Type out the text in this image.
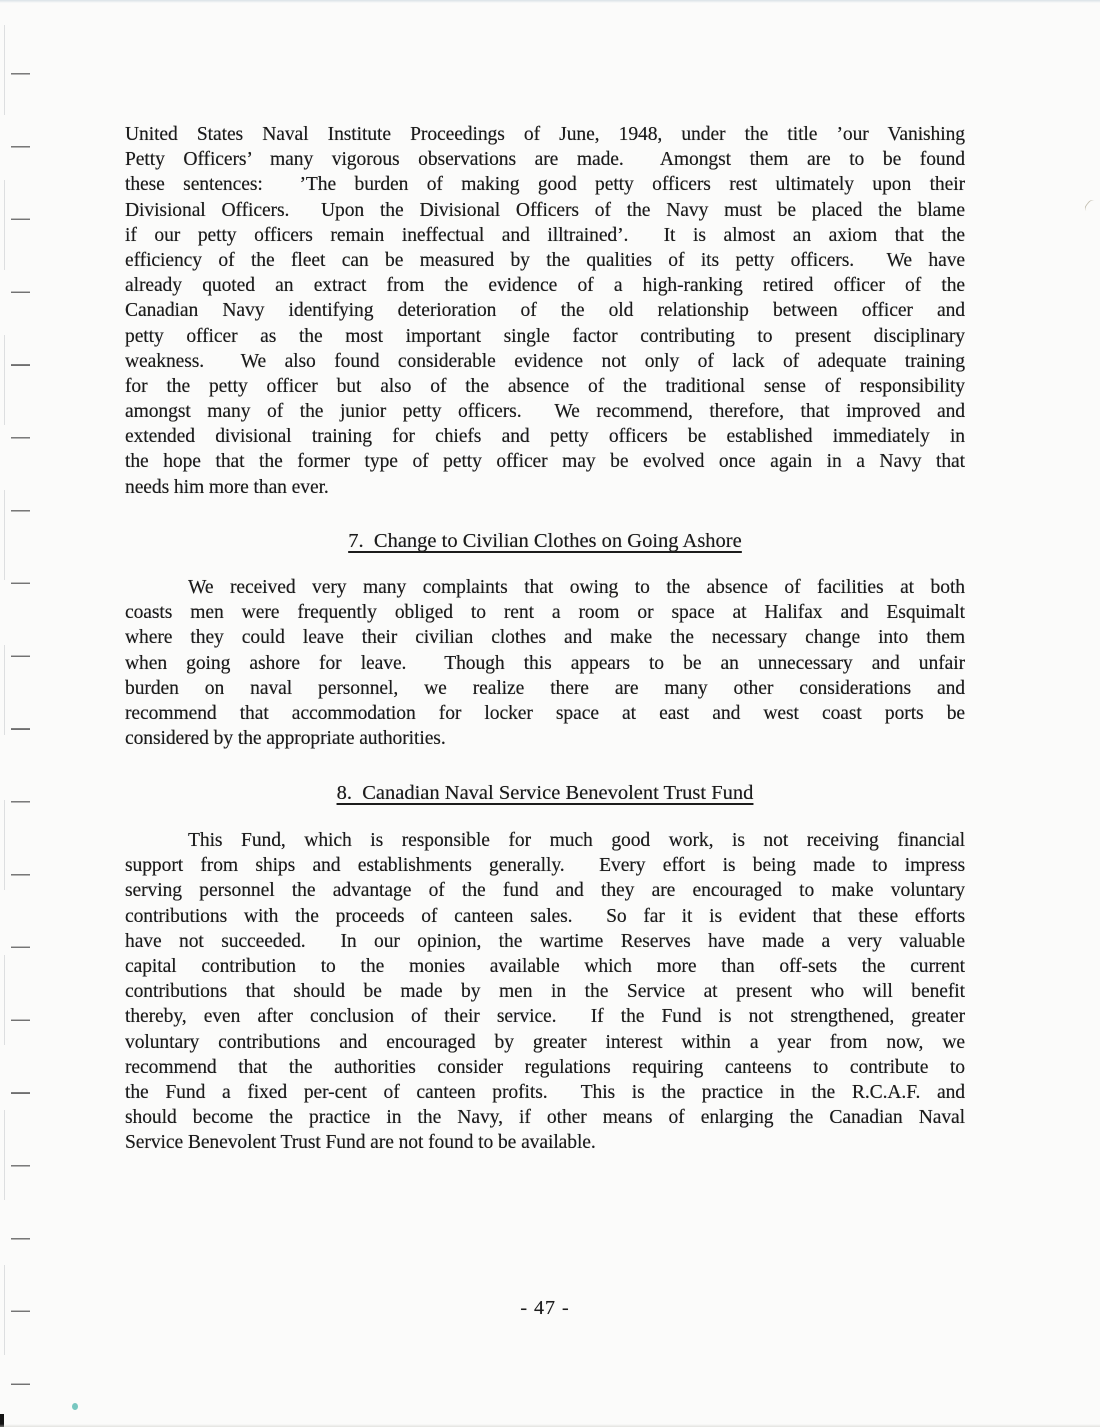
United States Naval Institute Proceedings of June, 1948, under the title ’our Vanishing
Petty Officers’ many vigorous observations are made.  Amongst them are to be found
these sentences:  ’The burden of making good petty officers rest ultimately upon their
Divisional Officers.  Upon the Divisional Officers of the Navy must be placed the blame
if our petty officers remain ineffectual and illtrained’.  It is almost an axiom that the
efficiency of the fleet can be measured by the qualities of its petty officers.  We have
already quoted an extract from the evidence of a high-ranking retired officer of the
Canadian Navy identifying deterioration of the old relationship between officer and
petty officer as the most important single factor contributing to present disciplinary
weakness.  We also found considerable evidence not only of lack of adequate training
for the petty officer but also of the absence of the traditional sense of responsibility
amongst many of the junior petty officers.  We recommend, therefore, that improved and
extended divisional training for chiefs and petty officers be established immediately in
the hope that the former type of petty officer may be evolved once again in a Navy that
needs him more than ever.
7.  Change to Civilian Clothes on Going Ashore
We received very many complaints that owing to the absence of facilities at both
coasts men were frequently obliged to rent a room or space at Halifax and Esquimalt
where they could leave their civilian clothes and make the necessary change into them
when going ashore for leave.  Though this appears to be an unnecessary and unfair
burden on naval personnel, we realize there are many other considerations and
recommend that accommodation for locker space at east and west coast ports be
considered by the appropriate authorities.
8.  Canadian Naval Service Benevolent Trust Fund
This Fund, which is responsible for much good work, is not receiving financial
support from ships and establishments generally.  Every effort is being made to impress
serving personnel the advantage of the fund and they are encouraged to make voluntary
contributions with the proceeds of canteen sales.  So far it is evident that these efforts
have not succeeded.  In our opinion, the wartime Reserves have made a very valuable
capital contribution to the monies available which more than off-sets the current
contributions that should be made by men in the Service at present who will benefit
thereby, even after conclusion of their service.  If the Fund is not strengthened, greater
voluntary contributions and encouraged by greater interest within a year from now, we
recommend that the authorities consider regulations requiring canteens to contribute to
the Fund a fixed per-cent of canteen profits.  This is the practice in the R.C.A.F. and
should become the practice in the Navy, if other means of enlarging the Canadian Naval
Service Benevolent Trust Fund are not found to be available.
- 47 -
